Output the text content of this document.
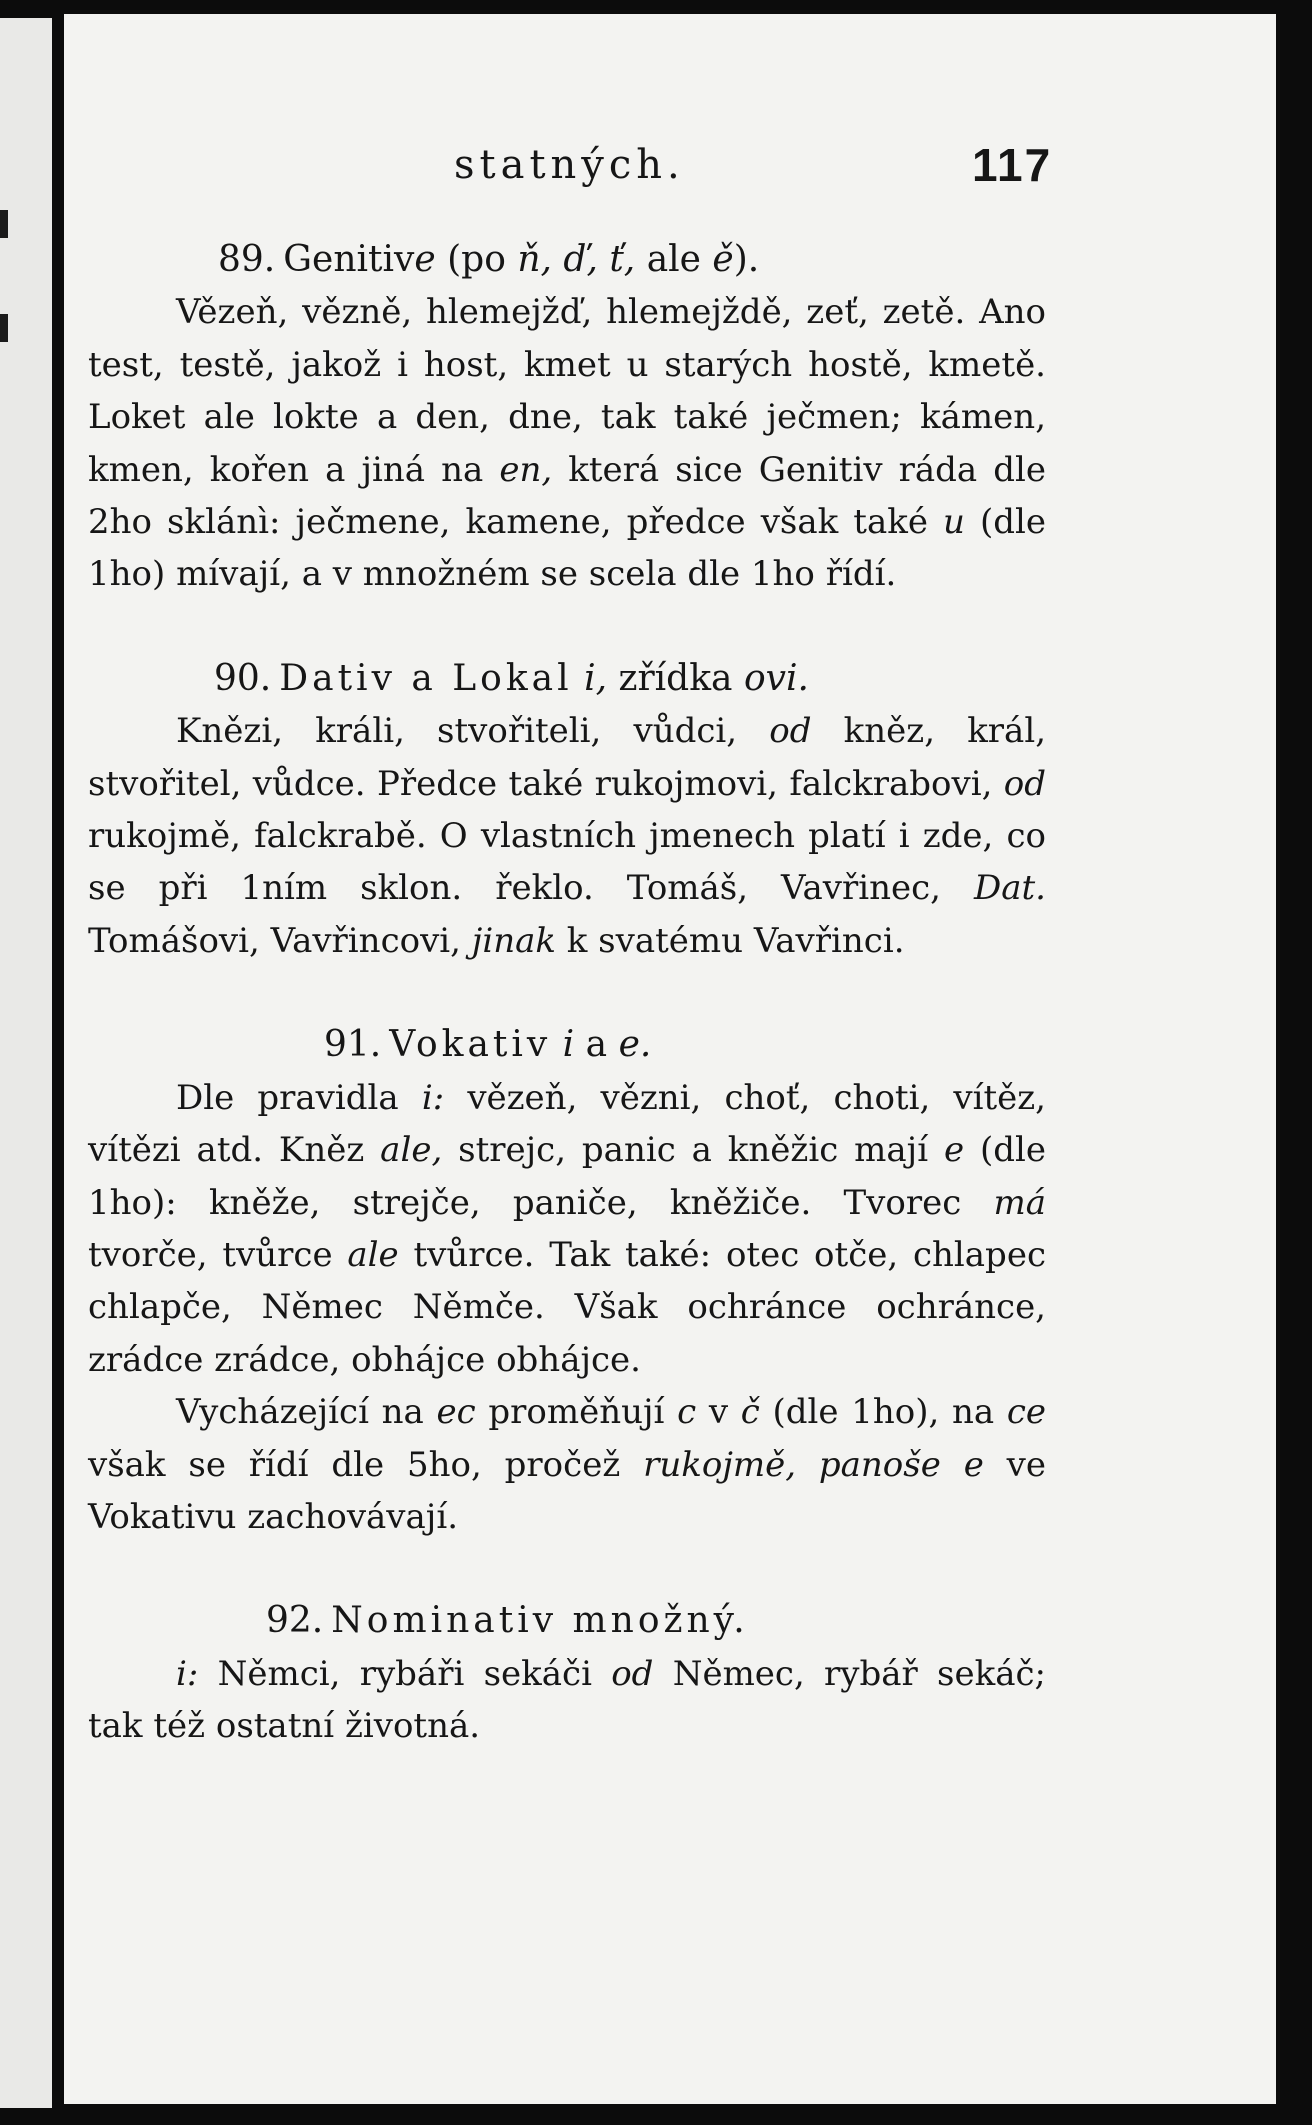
statných.	117

89. Genitive (po ň, ď, ť, ale ě).

Vězeň, vězně, hlemejžď, hlemejždě, zeť, zetě. Ano test, testě, jakož i host, kmet u starých hostě, kmetě. Loket ale lokte a den, dne, tak také ječmen; kámen, kmen, kořen a jiná na en, která sice Genitiv ráda dle 2ho sklánì: ječmene, kamene, předce však také u (dle 1ho) mívají, a v množném se scela dle 1ho řídí.

90. Dativ a Lokal i, zřídka ovi.

Knězi, králi, stvořiteli, vůdci, od kněz, král, stvořitel, vůdce. Předce také rukojmovi, falckrabovi, od rukojmě, falckrabě. O vlastních jmenech platí i zde, co se při 1ním sklon. řeklo. Tomáš, Vavřinec, Dat. Tomášovi, Vavřincovi, jinak k svatému Vavřinci.

91. Vokativ i a e.

Dle pravidla i: vězeň, vězni, choť, choti, vítěz, vítězi atd. Kněz ale, strejc, panic a kněžic mají e (dle 1ho): kněže, strejče, paniče, kněžiče. Tvorec má tvorče, tvůrce ale tvůrce. Tak také: otec otče, chlapec chlapče, Němec Němče. Však ochránce ochránce, zrádce zrádce, obhájce obhájce.

Vycházející na ec proměňují c v č (dle 1ho), na ce však se řídí dle 5ho, pročež rukojmě, panoše e ve Vokativu zachovávají.

92. Nominativ množný.

i: Němci, rybáři sekáči od Němec, rybář sekáč; tak též ostatní životná.
